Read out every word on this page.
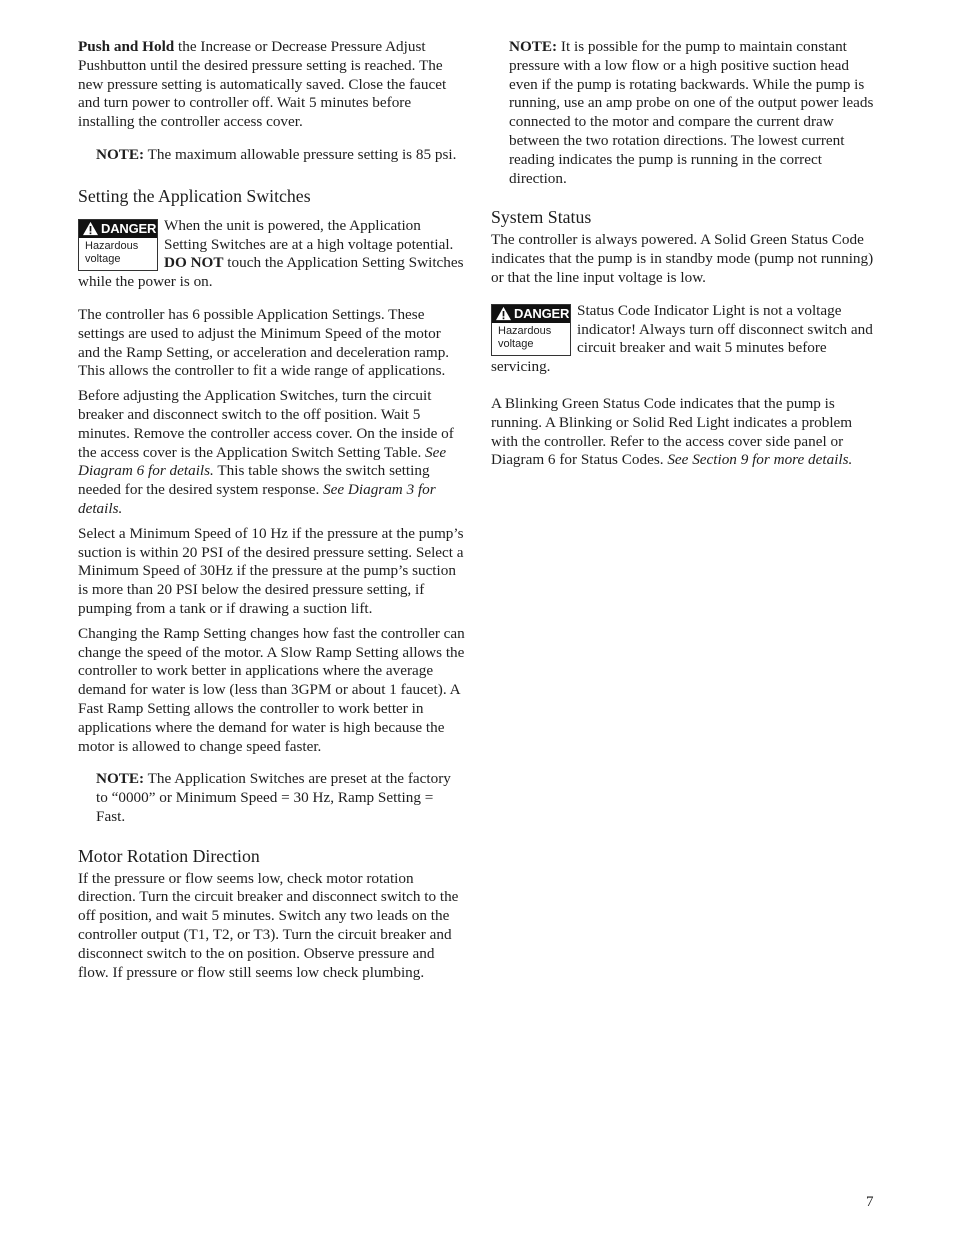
Push and Hold the Increase or Decrease Pressure Adjust Pushbutton until the desired pressure setting is reached. The new pressure setting is automatically saved. Close the faucet and turn power to controller off. Wait 5 minutes before installing the controller access cover.

NOTE: The maximum allowable pressure setting is 85 psi.

Setting the Application Switches
DANGER
Hazardous voltage

When the unit is powered, the Application Setting Switches are at a high voltage potential. DO NOT touch the Application Setting Switches while the power is on.

The controller has 6 possible Application Settings. These settings are used to adjust the Minimum Speed of the motor and the Ramp Setting, or acceleration and deceleration ramp. This allows the controller to fit a wide range of applications.

Before adjusting the Application Switches, turn the circuit breaker and disconnect switch to the off position. Wait 5 minutes. Remove the controller access cover. On the inside of the access cover is the Application Switch Setting Table. See Diagram 6 for details. This table shows the switch setting needed for the desired system response. See Diagram 3 for details.

Select a Minimum Speed of 10 Hz if the pressure at the pump’s suction is within 20 PSI of the desired pressure setting. Select a Minimum Speed of 30Hz if the pressure at the pump’s suction is more than 20 PSI below the desired pressure setting, if pumping from a tank or if drawing a suction lift.

Changing the Ramp Setting changes how fast the controller can change the speed of the motor. A Slow Ramp Setting allows the controller to work better in applications where the average demand for water is low (less than 3GPM or about 1 faucet). A Fast Ramp Setting allows the controller to work better in applications where the demand for water is high because the motor is allowed to change speed faster.

NOTE: The Application Switches are preset at the factory to “0000” or Minimum Speed = 30 Hz, Ramp Setting = Fast.

Motor Rotation Direction

If the pressure or flow seems low, check motor rotation direction. Turn the circuit breaker and disconnect switch to the off position, and wait 5 minutes. Switch any two leads on the controller output (T1, T2, or T3). Turn the circuit breaker and disconnect switch to the on position. Observe pressure and flow. If pressure or flow still seems low check plumbing.

NOTE: It is possible for the pump to maintain constant pressure with a low flow or a high positive suction head even if the pump is rotating backwards. While the pump is running, use an amp probe on one of the output power leads connected to the motor and compare the current draw between the two rotation directions. The lowest current reading indicates the pump is running in the correct direction.

System Status

The controller is always powered. A Solid Green Status Code indicates that the pump is in standby mode (pump not running) or that the line input voltage is low.

DANGER
Hazardous voltage

Status Code Indicator Light is not a voltage indicator! Always turn off disconnect switch and circuit breaker and wait 5 minutes before servicing.

A Blinking Green Status Code indicates that the pump is running. A Blinking or Solid Red Light indicates a problem with the controller. Refer to the access cover side panel or Diagram 6 for Status Codes. See Section 9 for more details.

7
